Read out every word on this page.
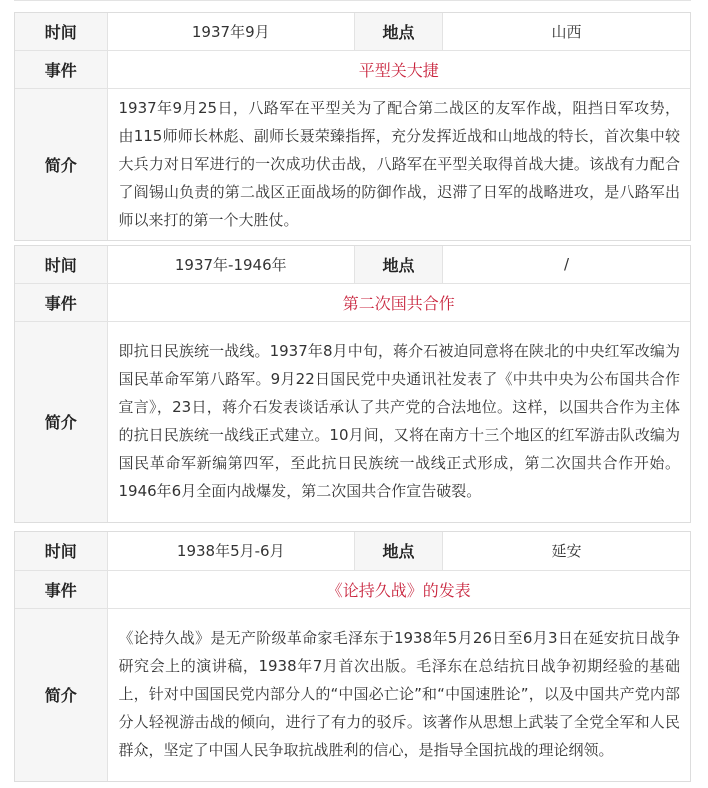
时间	1937年9月	地点	山西
事件	平型关大捷		
简介	1937年9月25日，八路军在平型关为了配合第二战区的友军作战，阻挡日军攻势，由115师师长林彪、副师长聂荣臻指挥，充分发挥近战和山地战的特长，首次集中较大兵力对日军进行的一次成功伏击战，八路军在平型关取得首战大捷。该战有力配合了阎锡山负责的第二战区正面战场的防御作战，迟滞了日军的战略进攻，是八路军出师以来打的第一个大胜仗。		
时间	1937年-1946年	地点	/
事件	第二次国共合作		
简介	即抗日民族统一战线。1937年8月中旬，蒋介石被迫同意将在陕北的中央红军改编为国民革命军第八路军。9月22日国民党中央通讯社发表了《中共中央为公布国共合作宣言》，23日，蒋介石发表谈话承认了共产党的合法地位。这样，以国共合作为主体的抗日民族统一战线正式建立。10月间，又将在南方十三个地区的红军游击队改编为国民革命军新编第四军，至此抗日民族统一战线正式形成，第二次国共合作开始。1946年6月全面内战爆发，第二次国共合作宣告破裂。		
时间	1938年5月-6月	地点	延安
事件	《论持久战》的发表		
简介	《论持久战》是无产阶级革命家毛泽东于1938年5月26日至6月3日在延安抗日战争研究会上的演讲稿，1938年7月首次出版。毛泽东在总结抗日战争初期经验的基础上，针对中国国民党内部分人的“中国必亡论”和“中国速胜论”，以及中国共产党内部分人轻视游击战的倾向，进行了有力的驳斥。该著作从思想上武装了全党全军和人民群众，坚定了中国人民争取抗战胜利的信心，是指导全国抗战的理论纲领。		
